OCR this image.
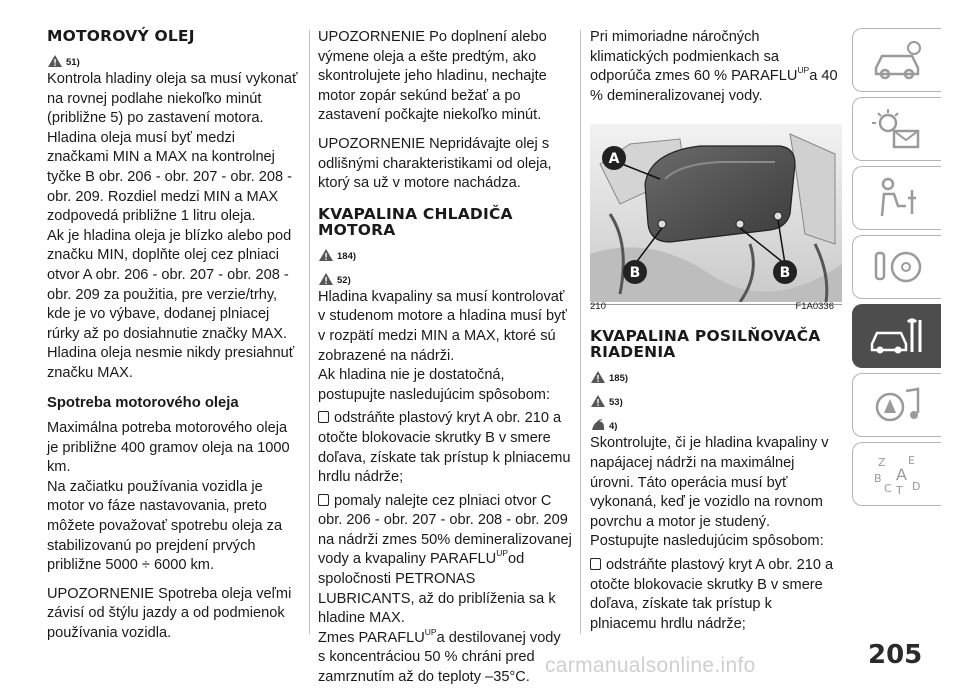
MOTOROVÝ OLEJ
51)

Kontrola hladiny oleja sa musí vykonať na rovnej podlahe niekoľko minút (približne 5) po zastavení motora. Hladina oleja musí byť medzi značkami MIN a MAX na kontrolnej tyčke B obr. 206 - obr. 207 - obr. 208 - obr. 209. Rozdiel medzi MIN a MAX zodpovedá približne 1 litru oleja.

Ak je hladina oleja je blízko alebo pod značku MIN, doplňte olej cez plniaci otvor A obr. 206 - obr. 207 - obr. 208 - obr. 209 za použitia, pre verzie/trhy, kde je vo výbave, dodanej plniacej rúrky až po dosiahnutie značky MAX.

Hladina oleja nesmie nikdy presiahnuť značku MAX.

Spotreba motorového oleja

Maximálna potreba motorového oleja je približne 400 gramov oleja na 1000 km.

Na začiatku používania vozidla je motor vo fáze nastavovania, preto môžete považovať spotrebu oleja za stabilizovanú po prejdení prvých približne 5000 ÷ 6000 km.

UPOZORNENIE Spotreba oleja veľmi závisí od štýlu jazdy a od podmienok používania vozidla.

UPOZORNENIE Po doplnení alebo výmene oleja a ešte predtým, ako skontrolujete jeho hladinu, nechajte motor zopár sekúnd bežať a po zastavení počkajte niekoľko minút.

UPOZORNENIE Nepridávajte olej s odlišnými charakteristikami od oleja, ktorý sa už v motore nachádza.

KVAPALINA CHLADIČA MOTORA
184)
52)

Hladina kvapaliny sa musí kontrolovať v studenom motore a hladina musí byť v rozpätí medzi MIN a MAX, ktoré sú zobrazené na nádrži.

Ak hladina nie je dostatočná, postupujte nasledujúcim spôsobom:

odstráňte plastový kryt A obr. 210 a otočte blokovacie skrutky B v smere doľava, získate tak prístup k plniacemu hrdlu nádrže;

pomaly nalejte cez plniaci otvor C obr. 206 - obr. 207 - obr. 208 - obr. 209 na nádrži zmes 50% demineralizovanej vody a kvapaliny $PARAFLU^{UP}od$ spoločnosti PETRONAS LUBRICANTS, až do priblíženia sa k hladine MAX.

Zmes $PARAFLU^{UP}a$ destilovanej vody s koncentráciou 50 % chráni pred zamrznutím až do teploty –35°C.

Pri mimoriadne náročných klimatických podmienkach sa odporúča zmes 60 % $PARAFLU^{UP}a$ 40 % demineralizovanej vody.

A
B	B
210	F1A0336
KVAPALINA POSILŇOVAČA RIADENIA
185)
53)
4)

Skontrolujte, či je hladina kvapaliny v napájacej nádrži na maximálnej úrovni. Táto operácia musí byť vykonaná, keď je vozidlo na rovnom povrchu a motor je studený.

Postupujte nasledujúcim spôsobom:

odstráňte plastový kryt A obr. 210 a otočte blokovacie skrutky B v smere doľava, získate tak prístup k plniacemu hrdlu nádrže;

Z E
B A
C T D
205
carmanualsonline.info
